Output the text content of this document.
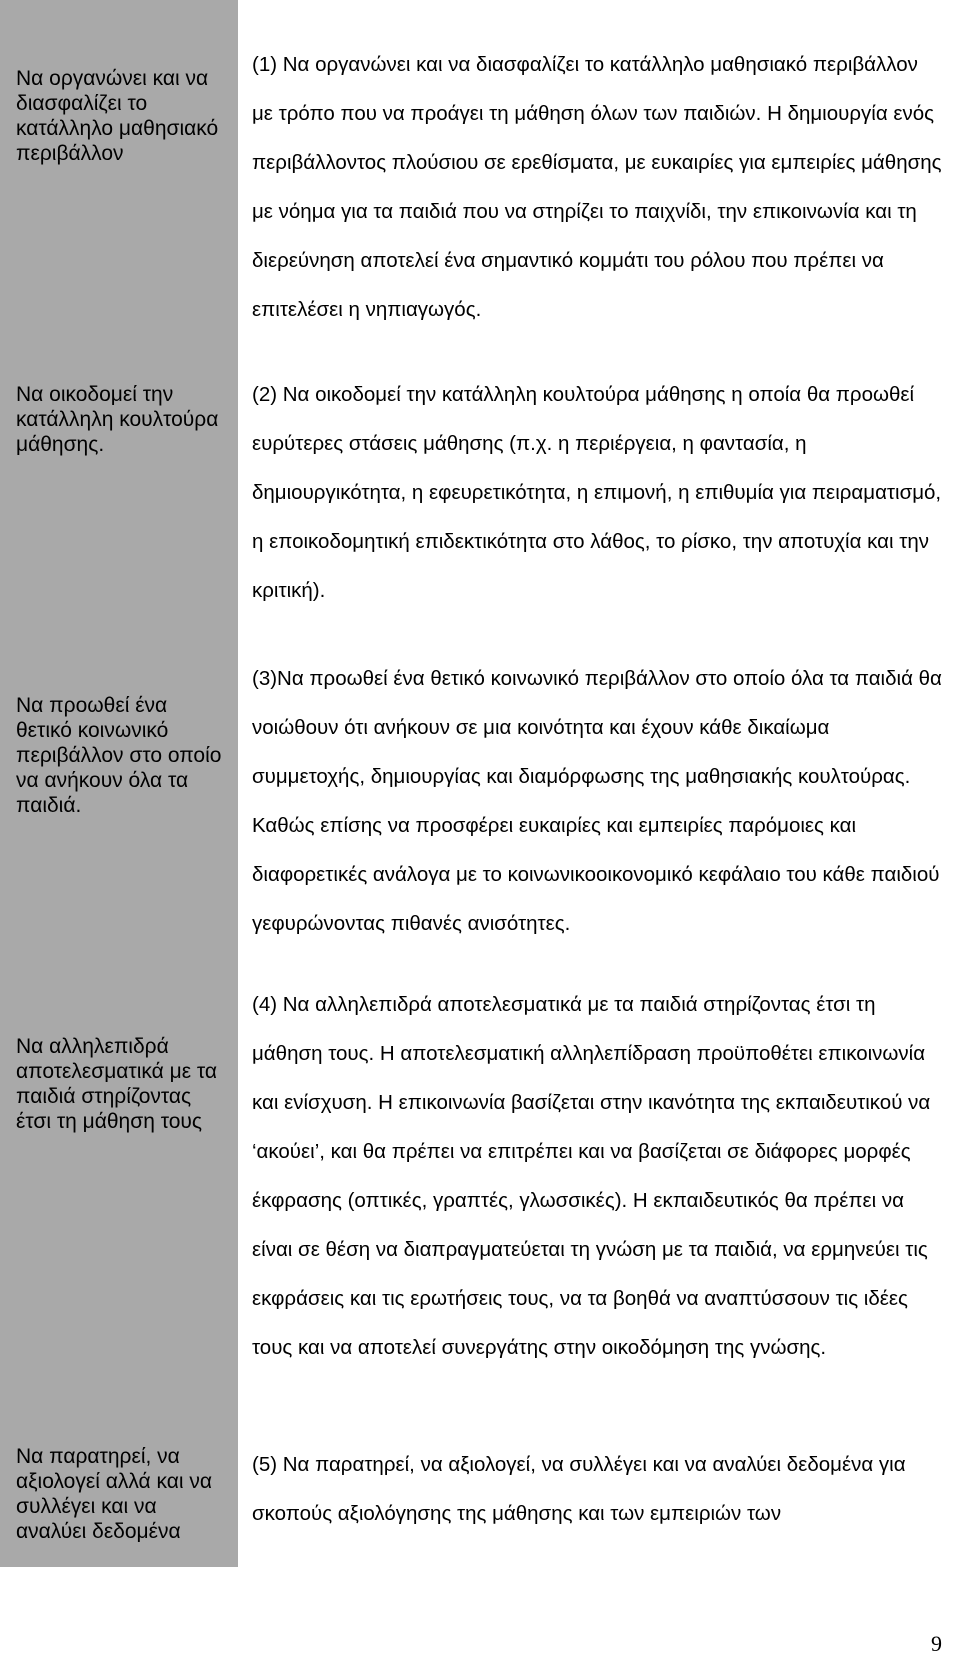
Να οργανώνει και να διασφαλίζει το κατάλληλο μαθησιακό περιβάλλον

(1) Να οργανώνει και να διασφαλίζει το κατάλληλο μαθησιακό περιβάλλον με τρόπο που να προάγει τη μάθηση όλων των παιδιών. Η δημιουργία ενός περιβάλλοντος πλούσιου σε ερεθίσματα, με ευκαιρίες για εμπειρίες μάθησης με νόημα για τα παιδιά που να στηρίζει το παιχνίδι, την επικοινωνία και τη διερεύνηση αποτελεί ένα σημαντικό κομμάτι του ρόλου που πρέπει να επιτελέσει η νηπιαγωγός.

Να οικοδομεί την κατάλληλη κουλτούρα μάθησης.

(2) Να οικοδομεί την κατάλληλη κουλτούρα μάθησης η οποία θα προωθεί ευρύτερες στάσεις μάθησης (π.χ. η περιέργεια, η φαντασία, η δημιουργικότητα, η εφευρετικότητα, η επιμονή, η επιθυμία για πειραματισμό, η εποικοδομητική επιδεκτικότητα στο λάθος, το ρίσκο, την αποτυχία και την κριτική).

Να προωθεί ένα θετικό κοινωνικό περιβάλλον στο οποίο να ανήκουν όλα τα παιδιά.

(3)Να προωθεί ένα θετικό κοινωνικό περιβάλλον στο οποίο όλα τα παιδιά θα νοιώθουν ότι ανήκουν σε μια κοινότητα και έχουν κάθε δικαίωμα συμμετοχής, δημιουργίας και διαμόρφωσης της μαθησιακής κουλτούρας. Καθώς επίσης να προσφέρει ευκαιρίες και εμπειρίες παρόμοιες και διαφορετικές ανάλογα με το κοινωνικοοικονομικό κεφάλαιο του κάθε παιδιού γεφυρώνοντας πιθανές ανισότητες.

Να αλληλεπιδρά αποτελεσματικά με τα παιδιά στηρίζοντας έτσι τη μάθηση τους

(4) Να αλληλεπιδρά αποτελεσματικά με τα παιδιά στηρίζοντας έτσι τη μάθηση τους. Η αποτελεσματική αλληλεπίδραση προϋποθέτει επικοινωνία και ενίσχυση. Η επικοινωνία βασίζεται στην ικανότητα της εκπαιδευτικού να ‘ακούει’, και θα πρέπει να επιτρέπει και να βασίζεται σε διάφορες μορφές έκφρασης (οπτικές, γραπτές, γλωσσικές). Η εκπαιδευτικός θα πρέπει να είναι σε θέση να διαπραγματεύεται τη γνώση με τα παιδιά, να ερμηνεύει τις εκφράσεις και τις ερωτήσεις τους, να τα βοηθά να αναπτύσσουν τις ιδέες τους και να αποτελεί συνεργάτης στην οικοδόμηση της γνώσης.

Να παρατηρεί, να αξιολογεί αλλά και να συλλέγει και να αναλύει δεδομένα

(5) Να παρατηρεί, να αξιολογεί, να συλλέγει και να αναλύει δεδομένα για σκοπούς αξιολόγησης της μάθησης και των εμπειριών των

9
